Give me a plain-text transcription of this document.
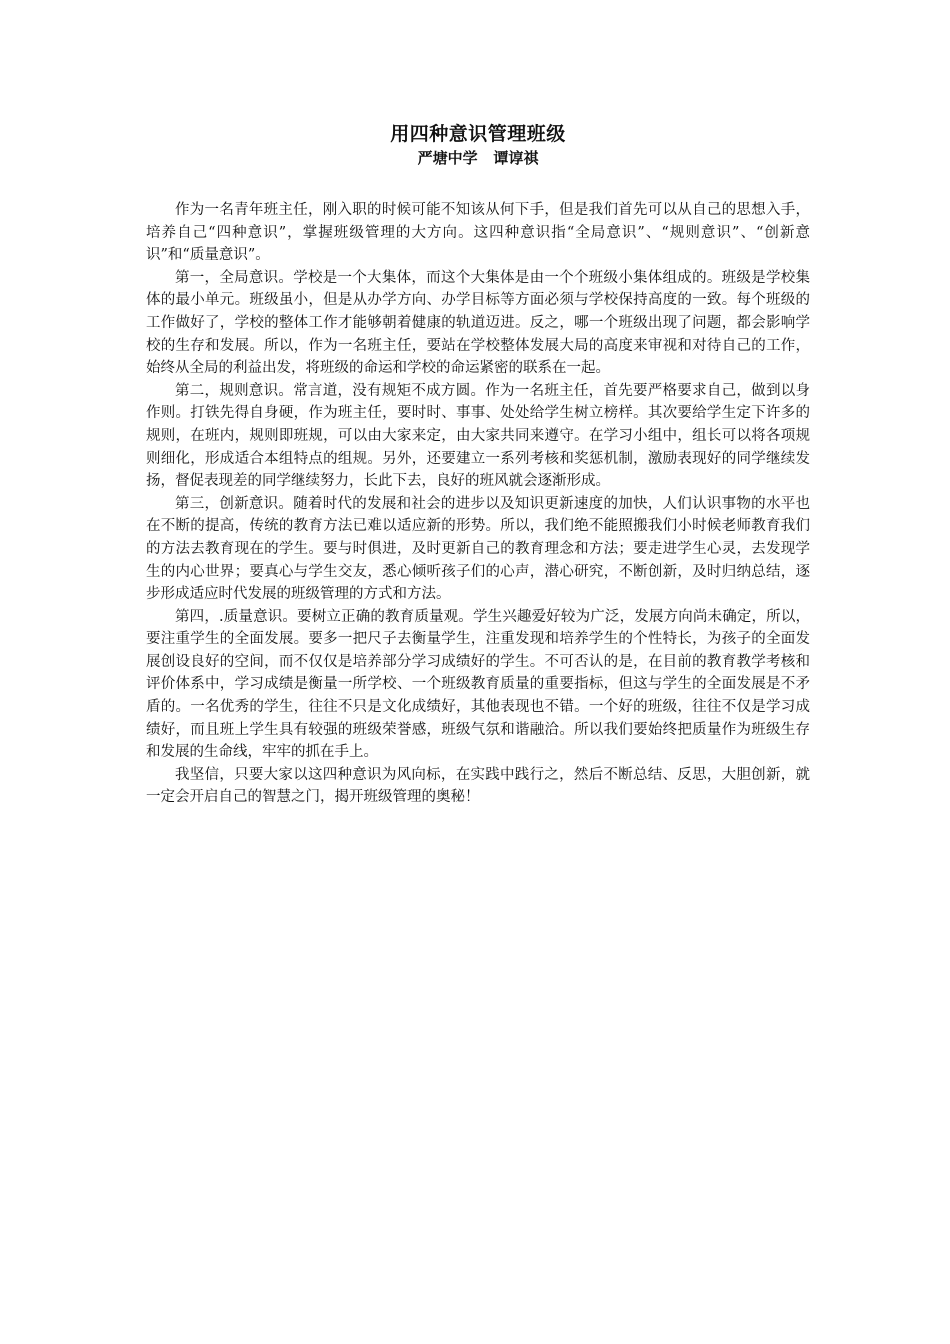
用四种意识管理班级
严塘中学   谭谆祺

作为一名青年班主任，刚入职的时候可能不知该从何下手，但是我们首先可以从自己的思想入手，培养自己“四种意识”，掌握班级管理的大方向。这四种意识指“全局意识”、“规则意识”、“创新意识”和“质量意识”。

第一，全局意识。学校是一个大集体，而这个大集体是由一个个班级小集体组成的。班级是学校集体的最小单元。班级虽小，但是从办学方向、办学目标等方面必须与学校保持高度的一致。每个班级的工作做好了，学校的整体工作才能够朝着健康的轨道迈进。反之，哪一个班级出现了问题，都会影响学校的生存和发展。所以，作为一名班主任，要站在学校整体发展大局的高度来审视和对待自己的工作，始终从全局的利益出发，将班级的命运和学校的命运紧密的联系在一起。

第二，规则意识。常言道，没有规矩不成方圆。作为一名班主任，首先要严格要求自己，做到以身作则。打铁先得自身硬，作为班主任，要时时、事事、处处给学生树立榜样。其次要给学生定下许多的规则，在班内，规则即班规，可以由大家来定，由大家共同来遵守。在学习小组中，组长可以将各项规则细化，形成适合本组特点的组规。另外，还要建立一系列考核和奖惩机制，激励表现好的同学继续发扬，督促表现差的同学继续努力，长此下去，良好的班风就会逐渐形成。

第三，创新意识。随着时代的发展和社会的进步以及知识更新速度的加快，人们认识事物的水平也在不断的提高，传统的教育方法已难以适应新的形势。所以，我们绝不能照搬我们小时候老师教育我们的方法去教育现在的学生。要与时俱进，及时更新自己的教育理念和方法；要走进学生心灵，去发现学生的内心世界；要真心与学生交友，悉心倾听孩子们的心声，潜心研究，不断创新，及时归纳总结，逐步形成适应时代发展的班级管理的方式和方法。

第四，.质量意识。要树立正确的教育质量观。学生兴趣爱好较为广泛，发展方向尚未确定，所以，要注重学生的全面发展。要多一把尺子去衡量学生，注重发现和培养学生的个性特长，为孩子的全面发展创设良好的空间，而不仅仅是培养部分学习成绩好的学生。不可否认的是，在目前的教育教学考核和评价体系中，学习成绩是衡量一所学校、一个班级教育质量的重要指标，但这与学生的全面发展是不矛盾的。一名优秀的学生，往往不只是文化成绩好，其他表现也不错。一个好的班级，往往不仅是学习成绩好，而且班上学生具有较强的班级荣誉感，班级气氛和谐融洽。所以我们要始终把质量作为班级生存和发展的生命线，牢牢的抓在手上。

我坚信，只要大家以这四种意识为风向标，在实践中践行之，然后不断总结、反思，大胆创新，就一定会开启自己的智慧之门，揭开班级管理的奥秘！
